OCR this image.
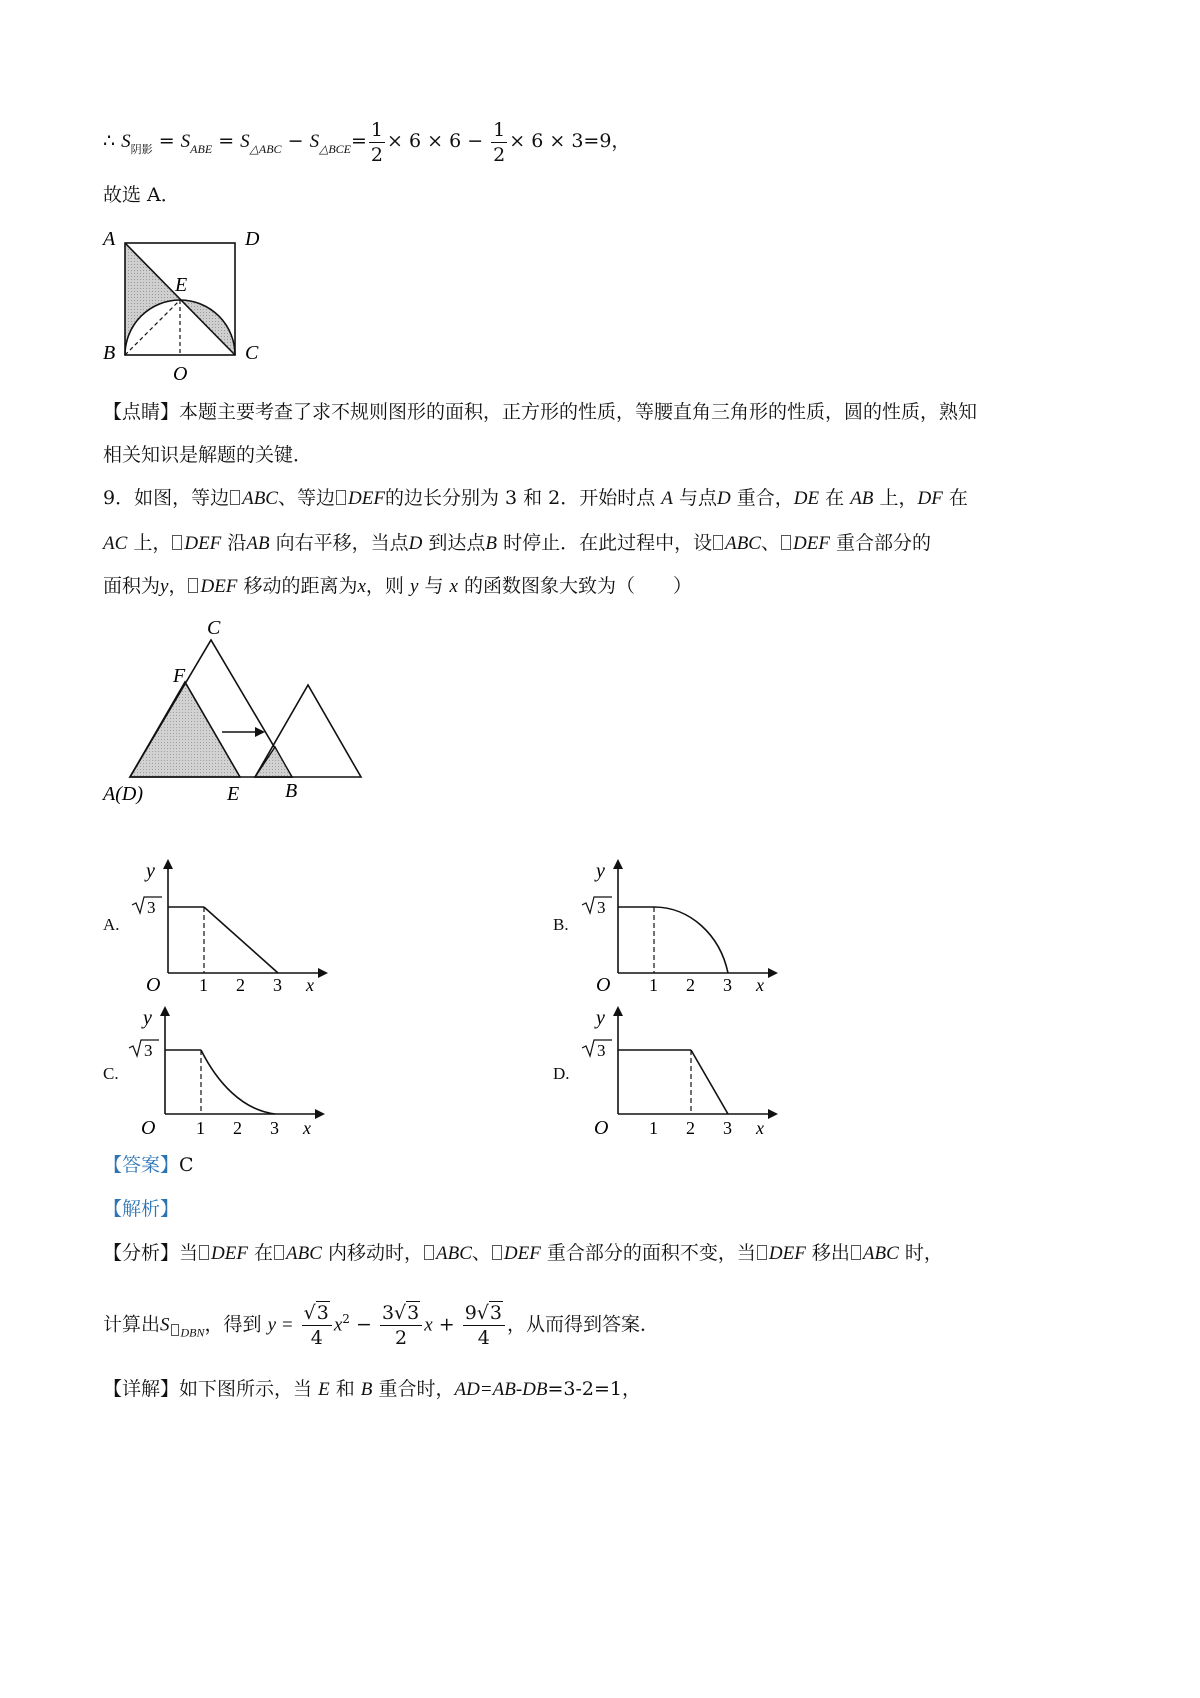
∴ $S_{阴影} = S_{ABE} = S_{\triangle ABC} - S_{\triangle BCE}= \frac{1}{2} \times 6 \times 6 - \frac{1}{2} \times 6 \times 3=9$，
故选 A．
A	D
E
B	C
O
【点睛】本题主要考查了求不规则图形的面积，正方形的性质，等腰直角三角形的性质，圆的性质，熟知
相关知识是解题的关键．
9．如图，等边 ABC、等边 DEF的边长分别为 3 和 2．开始时点 A 与点D 重合，DE 在 AB 上，DF 在
AC 上， DEF 沿AB 向右平移，当点D 到达点B 时停止．在此过程中，设 ABC、 DEF 重合部分的
面积为y， DEF 移动的距离为x，则 y 与 x 的函数图象大致为（　　）
C
F
A(D)	E B
A.	B.
C.	D.
y
x
O 1 2 3
3
y
x
O 1 2 3
3
y
x
O 1 2 3
3
y
x
O 1 2 3
3
【答案】C
【解析】
【分析】当 DEF 在 ABC 内移动时， ABC、 DEF 重合部分的面积不变，当 DEF 移出 ABC 时，
计算出S $_{DBN}$，得到 $y = \frac{√3}{4} x^2 - \frac{3√3}{2}$ $x + \frac{9√3}{4}$ ，从而得到答案．
【详解】如下图所示，当 E 和 B 重合时，AD=AB-DB=3-2=1，
